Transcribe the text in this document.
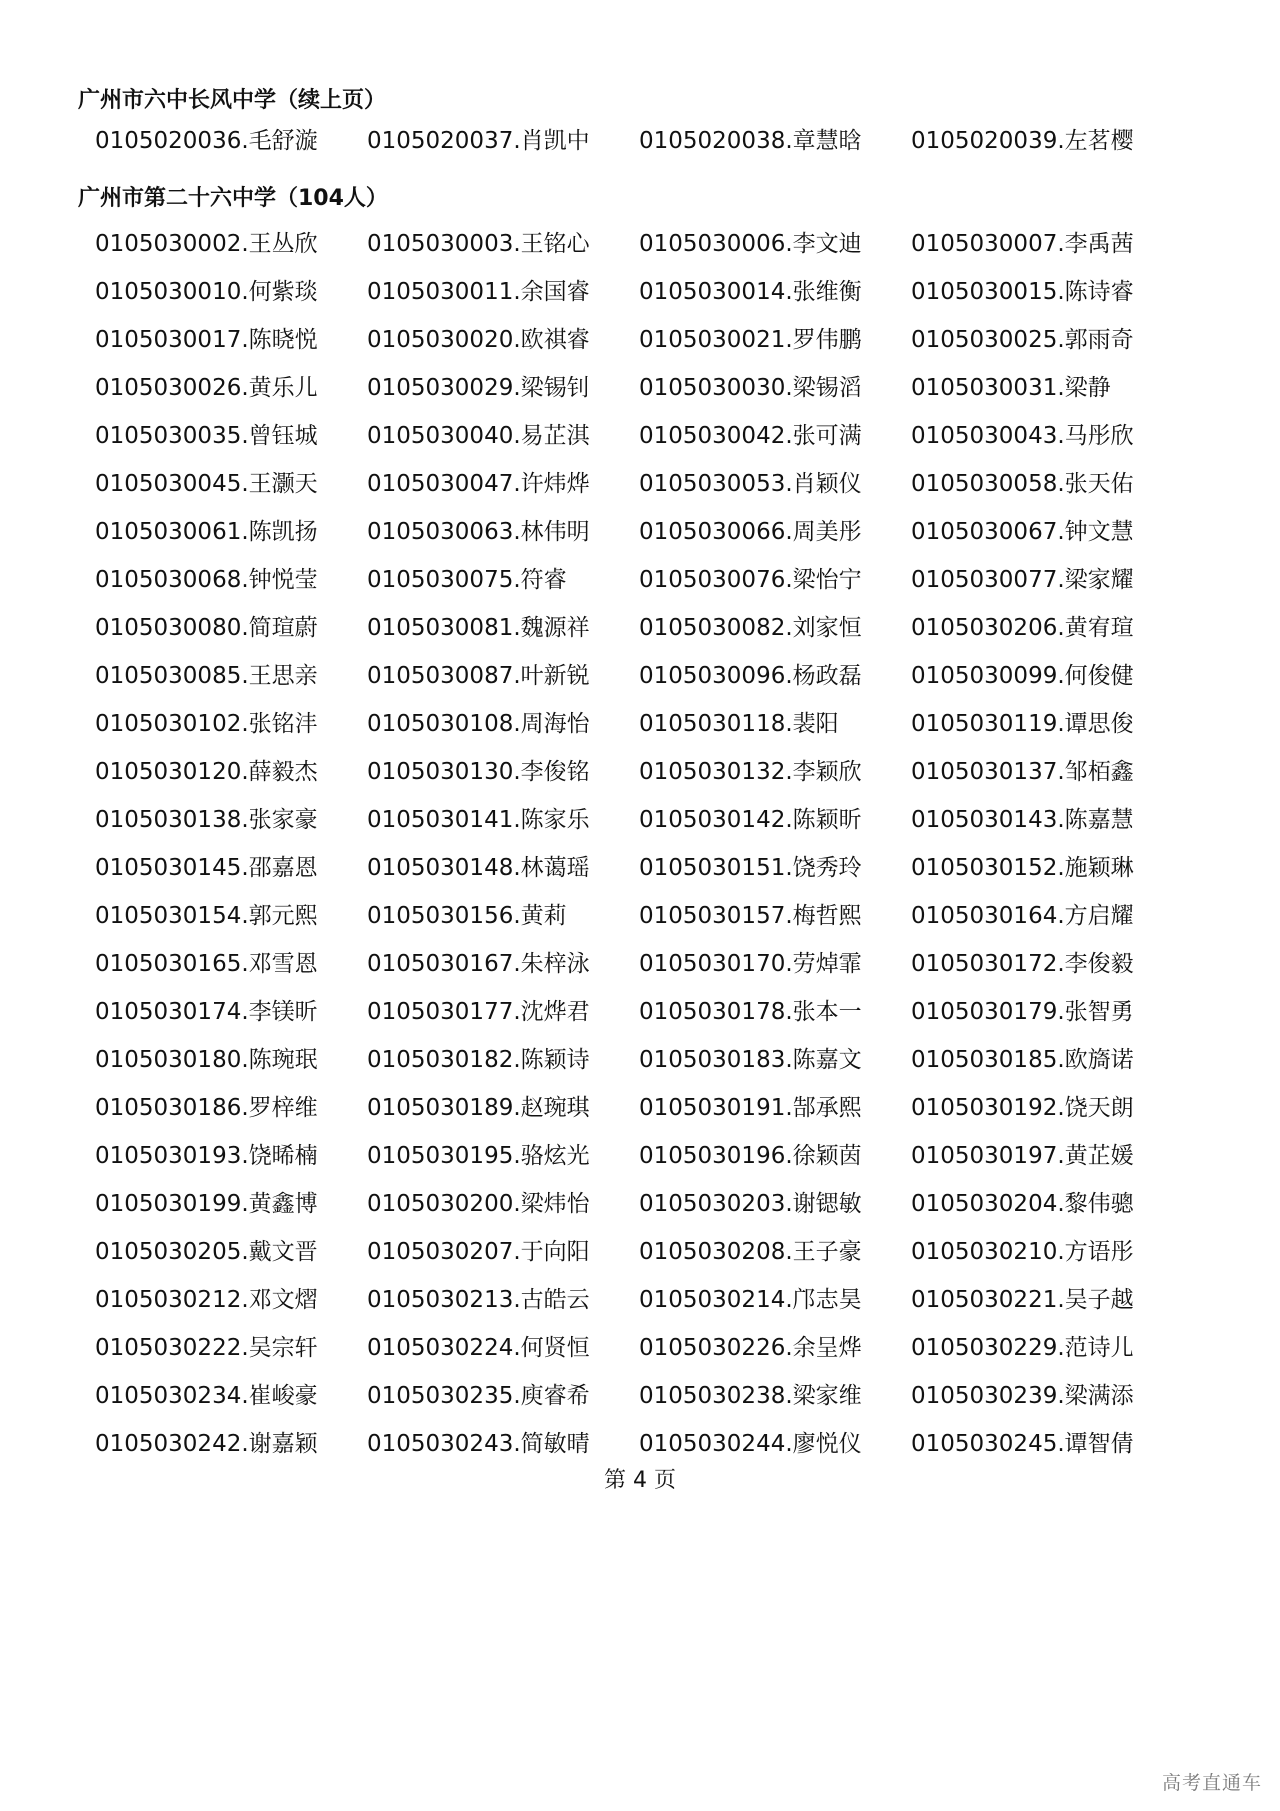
广州市六中长风中学（续上页）
0105020036.毛舒漩	0105020037.肖凯中	0105020038.章慧晗	0105020039.左茗樱
广州市第二十六中学（104人）
0105030002.王丛欣	0105030003.王铭心	0105030006.李文迪	0105030007.李禹茜
0105030010.何紫琰	0105030011.余国睿	0105030014.张维衡	0105030015.陈诗睿
0105030017.陈晓悦	0105030020.欧祺睿	0105030021.罗伟鹏	0105030025.郭雨奇
0105030026.黄乐儿	0105030029.梁锡钊	0105030030.梁锡滔	0105030031.梁静
0105030035.曾钰城	0105030040.易芷淇	0105030042.张可满	0105030043.马彤欣
0105030045.王灏天	0105030047.许炜烨	0105030053.肖颖仪	0105030058.张天佑
0105030061.陈凯扬	0105030063.林伟明	0105030066.周美彤	0105030067.钟文慧
0105030068.钟悦莹	0105030075.符睿	0105030076.梁怡宁	0105030077.梁家耀
0105030080.简瑄蔚	0105030081.魏源祥	0105030082.刘家恒	0105030206.黄宥瑄
0105030085.王思亲	0105030087.叶新锐	0105030096.杨政磊	0105030099.何俊健
0105030102.张铭沣	0105030108.周海怡	0105030118.裴阳	0105030119.谭思俊
0105030120.薛毅杰	0105030130.李俊铭	0105030132.李颖欣	0105030137.邹栢鑫
0105030138.张家豪	0105030141.陈家乐	0105030142.陈颖昕	0105030143.陈嘉慧
0105030145.邵嘉恩	0105030148.林蔼瑶	0105030151.饶秀玲	0105030152.施颖琳
0105030154.郭元熙	0105030156.黄莉	0105030157.梅哲熙	0105030164.方启耀
0105030165.邓雪恩	0105030167.朱梓泳	0105030170.劳焯霏	0105030172.李俊毅
0105030174.李镁昕	0105030177.沈烨君	0105030178.张本一	0105030179.张智勇
0105030180.陈琬珉	0105030182.陈颖诗	0105030183.陈嘉文	0105030185.欧旖诺
0105030186.罗梓维	0105030189.赵琬琪	0105030191.郜承熙	0105030192.饶天朗
0105030193.饶晞楠	0105030195.骆炫光	0105030196.徐颖茵	0105030197.黄芷媛
0105030199.黄鑫博	0105030200.梁炜怡	0105030203.谢锶敏	0105030204.黎伟骢
0105030205.戴文晋	0105030207.于向阳	0105030208.王子豪	0105030210.方语彤
0105030212.邓文熠	0105030213.古皓云	0105030214.邝志昊	0105030221.吴子越
0105030222.吴宗轩	0105030224.何贤恒	0105030226.余呈烨	0105030229.范诗儿
0105030234.崔峻豪	0105030235.庾睿希	0105030238.梁家维	0105030239.梁满添
0105030242.谢嘉颖	0105030243.简敏晴	0105030244.廖悦仪	0105030245.谭智倩
第 4 页
高考直通车
